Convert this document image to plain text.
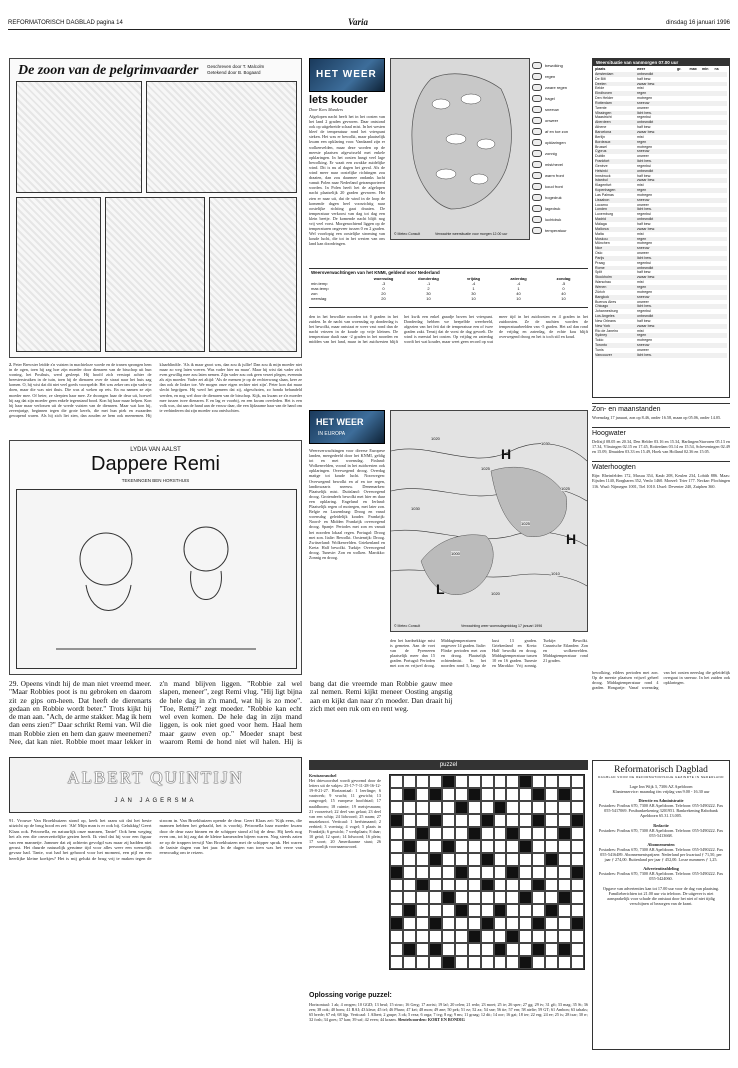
REFORMATORISCH DAGBLAD pagina 14	Varia	dinsdag 16 januari 1996
De zoon van de pelgrimvaarder Geschreven door T. Malcolm
Getekend door B. Bogaard
2. Peter Brewster leidde z'n vuisten in machteloze woede en de tranen sprongen hem in de ogen, toen hij zag hoe zijn moeder door dienaren van de bisschop uit hun woning, het Posthuis, werd gesleept. Hij hoofd zich verstopt achter de breesterstruiken in de tuin, toen hij de dienaren over de straat naar het huis zag komen. O, hij wist dat dit niet veel goeds voorspelde. Het was zeker om zijn vader te doen, maar die was niet thuis. Die was al weken op reis. En nu namen ze zijn moeder mee. Of beter, ze sleepten haar mee. Ze dwongen haar de deur uit, hoewel hij zag dat zijn moeder geen enkele tegenstand bood. Kon hij haar maar helpen. Kon hij haar maar verlossen uit de wrede vuisten van de dienaren. Maar wat kon hij, zevenjarige, beginnen tegen die grote kerels, die met hun piek en zwaarden gewapend waren. Als hij zich liet zien, dan zouden ze hem ook meenemen. Hij klaarblindtle. 'Als ik maar groot was, dan zou ik jullie! Dan zou ik mijn moeder niet maar zo weg laten voeren. Was vader hier nu maar'. Maar hij wist dat vader zich even gewillig mee zou laten nemen. Zijn vader zou ook geen verzet plegen, evenmin als zijn moeder. Vader zei altijd: 'Als de mensen je op de rechterwang slaan, keer ze dan ook de linker toe. We mogen onze eigen rechter niet zijn'. Peter kon dat maar slecht begrijpen. Hij werd het gemeen dat zij, afgeschoten, zo honda behandeld werden, en nog wel door de dienaren van de bisschop. Kijk, nu kwam ze z'n moeder mee tussen twee dienaren. E en lag er voorbij, en een kwam overleden. Het is een volk was, dat aan de hand aan de vrouw daar, die een lijdzaame haar van de hand om te verhinderen dat zijn moeder zou ontvluchten.
HET WEER
lets kouder
Door Kees Manders
Afgelopen nacht heeft het in het oosten van het land 2 graden gevroren. Daar ontstond ook op uitgebreide schaal mist. In het westen bleef de temperatuur rond het vriespunt steken. Het was er bewolkt, maar plaatselijk kwam een opklaring voor. Vandaand zijn er wolkenvelden, maar deze worden op de meeste plaatsen afgewisseld met enkele opklaringen. In het oosten hangt veel lage bewolking. Er waait een zwakke zuidelijke wind. Dit is nu al dagen het geval. Als de wind meer naar oostelijke richtingen zou draaien, dan zou daarmee ondanks lucht vanuit Polen naar Nederland getransporteerd worden. In Polen heeft het de afgelopen nacht plaatselijk 20 graden gevroren. Het zien er naar uit, dat de wind in de loop de komende dagen heel voorzichtig naar oostelijke richting gaat draaien. De temperatuur verkoost van dag tot dag een klein beetje. De komende nacht blijft nog vrij veel vorst. Morgenochtend liggen op de temperaturen ongeveer tussen 0 en 2 graden. Wel voorlopig een oostelijke stroming van koude lucht, die tot in het westen van ons land kan doordringen.
bewolking
regen
zware regen
hagel
sneeuw
onweer
af en toe zon
opklaringen
zonnig
mist/nevel
warm front
koud front
hogedruk
lagedruk
luchtdruk
temperatuur
© Meteo Consult	Verwachte weersituatie voor morgen 12.00 uur
Weersverwachtingen van het KNMI, geldend voor Nederland
woensdag	donderdag	vrijdag	zaterdag	zondag
min.temp	-3	-1	-4	-4	-5
max.temp	0	2	1	1	0
zon	20	30	30	40	40
neerslag	20	10	10	10	10
den in het bewolkte noorden tot 0 graden in het zuiden. In de nacht van woensdag op donderdag is het bewolkt, maar ontstaat er weer vast rond dan de nacht vriezen in de koude op vrije kleinen. De temperatuur daalt naar -2 graden in het noorden en midden van het land, maar in het zuidwesten blijft het kwik een enkel graadje boven het vriespunt. Donderdag hebben we heepelfde weerbeeld, afgezien van het feit dat de temperatuur een of twee graden zakt. Tenzij dat de vorst de dag gevoelt. De wind is meestal het oosten. Op vrijdag en zaterdag wordt het wat kouder, maar weet geen record op wat meer tijd in het zuidoosten en 4 graden in het zuidoosten. Ze de nachten worden de temperatuurbeelden van -5 graden. Het zal dan rond de vrijdag en zaterdag, de echte kou blijft overwegend droog en het is toch stil en koud.
Weersituatie van vanmorgen 07.00 uur
plaats	weer	gr.	max	min	ns
Amsterdam	onbewolkt
De Bilt	half bew.
Deelen	zwaar bew.
Eelde	mist
Eindhoven	regen
Den Helder	motregen
Rotterdam	sneeuw
Twente	onweer
Vlissingen	licht bew.
Maastricht	regenbui
Aberdeen	onbewolkt
Athene	half bew.
Barcelona	zwaar bew.
Berlijn	mist
Bordeaux	regen
Brussel	motregen
Cyprus	sneeuw
Dublin	onweer
Frankfort	licht bew.
Genève	regenbui
Helsinki	onbewolkt
Innsbruck	half bew.
Istanbul	zwaar bew.
Klagenfurt	mist
Kopenhagen	regen
Las Palmas	motregen
Lissabon	sneeuw
Locarno	onweer
Londen	licht bew.
Luxemburg	regenbui
Madrid	onbewolkt
Málaga	half bew.
Mallorca	zwaar bew.
Malta	mist
Moskou	regen
München	motregen
Nice	sneeuw
Oslo	onweer
Parijs	licht bew.
Praag	regenbui
Rome	onbewolkt
Split	half bew.
Stockholm	zwaar bew.
Warschau	mist
Wenen	regen
Zürich	motregen
Bangkok	sneeuw
Buenos Aires	onweer
Chicago	licht bew.
Johannesburg	regenbui
Los Angeles	onbewolkt
New Orleans	half bew.
New York	zwaar bew.
Rio de Janeiro	mist
Sydney	regen
Tokio	motregen
Toronto	sneeuw
Tunis	onweer
Vancouver	licht bew.
Zon- en maanstanden
Woensdag 17 januari, zon op 8.46, onder 16.58, maan op 05.06, onder 14.05.
Hoogwater
Delfzijl 08.05 en 20.34, Den Helder 03.16 en 15.34, Harlingen/Stavoren 05.13 en 17.34, Vlissingen 02.15 en 17.45, Rotterdam 03.14 en 15.54, Scheveningen 02.49 en 15.09, IJmuiden 03.33 en 15.49, Hoek van Holland 02.36 en 15.05.
Waterhoogten
Rijn: Rheinfelden 172, Maxau 354, Kaub 208, Keulen 234, Lobith 886. Maas: Eijsden 1140, Borgharen 352, Venlo 1460. Moezel: Trier 177. Neckar: Plochingen 116. Waal: Nijmegen 1001, Tiel 1010. IJssel: Deventer 240, Zutphen 360.
HET WEER
IN EUROPA
Weersverwachtingen voor diverse Europese landen, meegedeeld door het KNMI, geldig tot en met woensdag. Finland: Wolkenvelden, vooral in het zuidwesten ook opklaringen. Overwegend droog. Overdag matige tot koude lucht. Noorwegen: Overwegend bewolkt en af en toe regen, landinwaarts sneeuw. Denemarken: Plaatselijk mist. Duitsland: Overwegend droog. Grotendeels bewolkt met hier en daar een opklaring. Engeland en Ierland: Plaatselijk regen of motregen, met later zon. Belgie en Luxemburg: Droog en vanaf woensdag geleidelijk kouder. Frankrijk: Noord- en Midden Frankrijk overwegend droog. Spanje: Periodes met zon en vanuit het noorden lokaal regen. Portugal: Droog met zon. Italie: Bewolkt. Oostenrijk: Droog. Zwitserland: Wolkenvelden. Griekenland en Kreta: Half bewolkt. Turkije: Overwegend droog. Tunesie: Zon en wolken. Marokko: Zonnig en droog.
1020
1025
1030
1030
1025
1000
1010
1020
1025
H
L
H
© Meteo Consult	Verwachting weer woensdagmiddag 17 januari 1996
den het hardnekkige mist is gemeten. Aan de voet van de Pyreneeen plaatselijk meer dan 15 graden. Portugal: Perioden met zon en vrijwel droog. Middagtemperaturen ongeveer 14 graden. Italie: Flinke perioden met zon en droog. Plaatselijk ochtendmist. In het noorden rond 5, langs de kust 13 graden. Griekenland en Kreta: Half bewolkt en droog. Middagtemperatuur tussen 10 en 16 graden. Tunesie en Marokko: Vrij zonnig. Turkije: Bewolkt. Canarische Eilanden: Zon en wolkenvelden. Middagtemperatuur rond 21 graden.
bewolking, eilders perioden met zon. Op de meeste plaatsen vrijwel geheel droog. Middagtemperatuur rond 4 graden. Hongarije: Vanaf woensdag van het oosten neerslag die geleidelijk overgaat in sneeuw. In het zuiden ook opklaringen.
LYDIA VAN AALST
Dappere Remi
TEKENINGEN BEN HORSTHUIS
29. Opeens vindt hij de man niet vreemd meer. "Maar Robbies poot is nu gebroken en daarom zit ze gips om-heen. Dat heeft de dierenarts gedaan en Robbie wordt beter." Trots kijkt hij de man aan. "Ach, de arme stakker. Mag ik hem dan eens zien?" Daar schrikt Remi van. Wil die man Robbie zien en hem dan gauw meenemen? Nee, dat kan niet. Robbie moet maar lekker in z'n mand blijven liggen. "Robbie zal wel slapen, meneer", zegt Remi vlug. "Hij ligt bijna de hele dag in z'n mand, wat hij is zo moe". "Toe, Remi?" zegt moeder. "Robbie kan echt wel even komen. De hele dag in zijn mand liggen, is ook niet goed voor hem. Haal hem maar gauw even op." Moeder snapt best waarom Remi de hond niet wil halen. Hij is bang dat die vreemde man Robbie gauw mee zal nemen. Remi kijkt meneer Oosting angstig aan en kijkt dan naar z'n moeder. Dan draait hij zich met een ruk om en rent weg.
ALBERT QUINTIJN
JAN JAGERSMA
91. Vrouwe Van Broekhuizen stond op, keek het raam uit dat het beste uitzicht op de brug bood en zei: 'Ah! Mijn man is er ook bij. Gelukkig! Geert Klaas ook. Petronella, en natuurlijk onze mannen, Tante!' Ook hem weging het als een die onverzettelijke gezien heeft. Ik vind dat hij voor een figuur van een mannetje. Jammer dat zij achterin gevolgd was maar zij hadden niet gerust. Het duurde natuurlijk geruime tijd voor alles weer een wenselijk gevaar had. Tante, wat had het gehoord voor het moment, een pijl en een heerlijke kleine koekjes? Het is mij gelukt de brug vrij te maken tegen de stroom in. Van Broekhuizen opende de deur. Geert Klaas zei: 'Kijk eens, die mannen hebben het gehaald, het is voorbij. Petronella haar moeder kwam door de deur naar binnen en de schipper stond al bij de deur. Hij keek nog even om, tot hij zag dat de kleine kameraden bijeen waren. Nog steeds zaten ze op de trappen terwijl Van Broekhuizen met de schipper sprak. Het waren de laatste dagen van het jaar. In de dagen van toen was het verre van eenvoudig om te reizen.
puzzel
Kruiszoraudsel
Het driewoordsel wordt gevormd door de letters uit de vakjes: 25-17-7-11-28-16-12-19-8-21-27. Horizontaal: 1 leerlinge; 6 vaatwerk; 9 vrucht; 11 gewicht; 13 zangvogel; 15 europese hoofdstad; 17 naaldboom; 18 ruimte; 19 meisjesnaam; 21 voorzetsel; 22 deel van gelaat; 23 deel van een schip; 24 lidwoord; 25 naam; 27 muzieknoot. Verticaal: 1 herfstmaand; 2 eerbied; 3 voertuig; 4 vogel; 5 plaats in Frankrijk; 6 gewicht; 7 werkplaats; 8 daar; 10 getal; 12 sport; 14 lidwoord; 16 plein; 17 soort; 20 Amerikaanse staat; 26 persoonlijk voornaamwoord.
Oplossing vorige puzzel:
Horizontaal: 1 ak; 4 orogen; 10 GGD; 13 beul; 15 struc; 16 Gerg; 17 aorist; 19 laf; 20 orlen; 21 redo; 23 moet; 25 ie; 26 sper; 27 gg; 29 tv; 31 gfi; 33 mag; 35 St; 36 zen; 38 ook; 40 bons; 41 RAI; 43 kleur; 45 tel; 46 Pharo; 47 kei; 48 mon; 49 ane; 50 pek; 51 ez; 52 ax; 54 sne; 56 tie; 57 ern; 58 atelie; 59 GT; 61 Ambon; 63 tabaks; 65 brede; 67 ed; 68 lijp. Verticaal: 1 Albert; 2 gaspe; 3 ok; 5 reza; 6 orga; 7 tvg; 8 ng; 9 ms; 11 graag; 12 dit; 14 oor; 16 gai; 18 ier; 22 erg; 24 ee; 25 is; 28 tsar; 30 rr; 32 fosh; 34 goes; 37 kan; 39 saf; 42 even; 44 kraam. Sleutelwoorden: KORT EN BONDIG
Reformatorisch Dagblad
DAGBLAD VOOR DE REFORMATORISCHE GEZINDTE IN NEDERLAND
Lage Inn Wijk 3, 7306 AZ Apeldoorn
Klantenservice: maandag t/m vrijdag van 9.00 - 16.30 uur
Directie en Administratie
Postadres: Postbus 670, 7300 AR Apeldoorn. Telefoon: 055-5490222. Fax 055-5417069. Postbankrekening 3201951. Bankrekening Rabobank Apeldoorn 65.31.13.005.
Redactie
Postadres: Postbus 670, 7300 AR Apeldoorn. Telefoon: 055-5490222. Fax 055-5413668.
Abonnementen
Postadres: Postbus 670, 7300 AR Apeldoorn. Telefoon: 055-5490222. Fax 055-5416489. Abonnementsprijzen: Nederland per kwartaal ƒ 71,50, per jaar ƒ 274,00. Buitenland per jaar ƒ 452,00. Losse nummers ƒ 1,25.
Advertentieafdeling
Postadres: Postbus 670, 7300 AR Apeldoorn. Telefoon: 055-5490222. Fax 055-5424060.
Opgave van advertenties kan tot 17.00 uur voor de dag van plaatsing. Familieberichten tot 21.00 uur via telefoon. De uitgever is niet aansprakelijk voor schade die ontstaat door het niet of niet tijdig verschijnen of bezorgen van de krant.
